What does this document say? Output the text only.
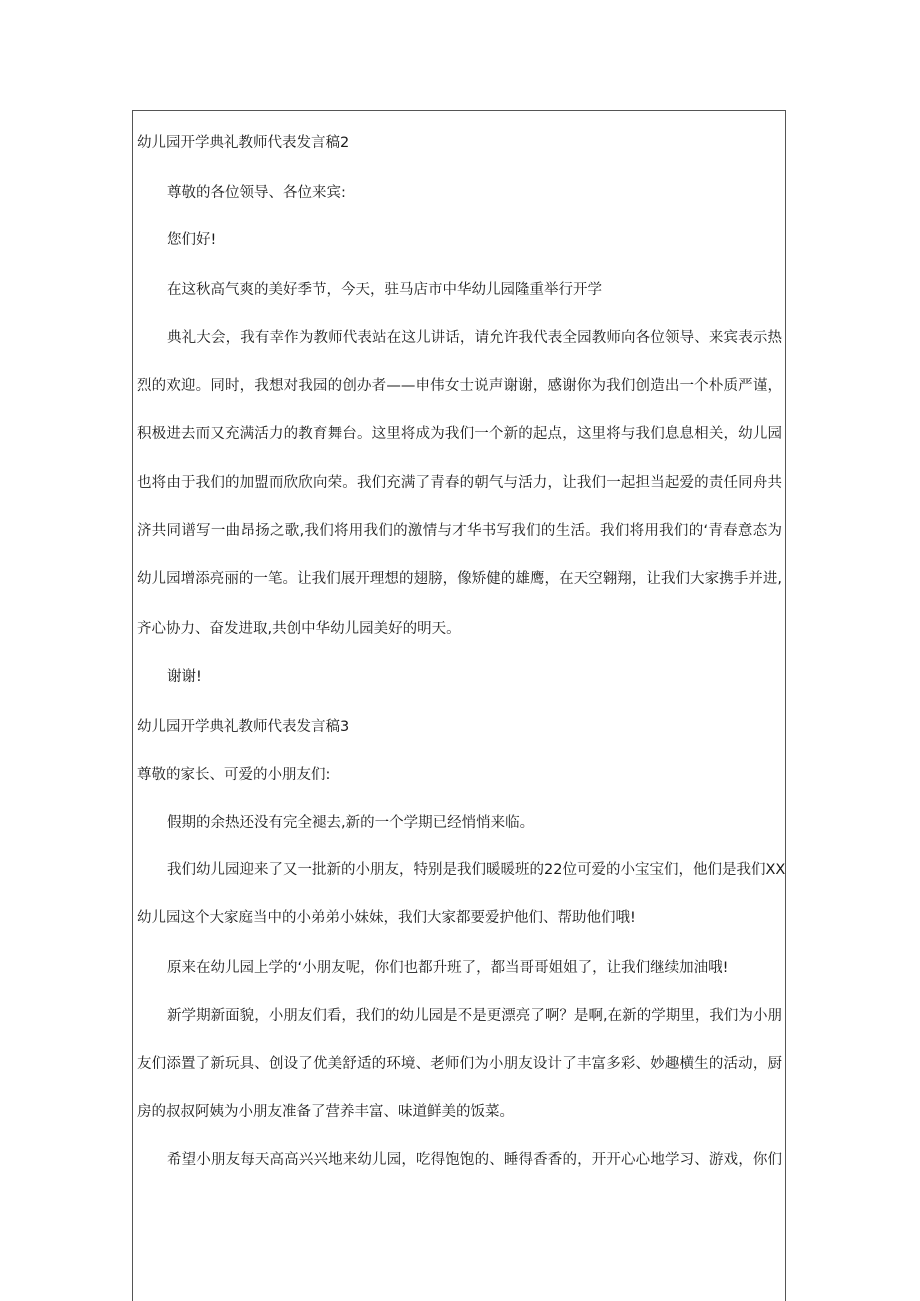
幼儿园开学典礼教师代表发言稿2
尊敬的各位领导、各位来宾:
您们好!
在这秋高气爽的美好季节，今天，驻马店市中华幼儿园隆重举行开学
典礼大会，我有幸作为教师代表站在这儿讲话，请允许我代表全园教师向各位领导、来宾表示热
烈的欢迎。同时，我想对我园的创办者——申伟女士说声谢谢，感谢你为我们创造出一个朴质严谨，
积极进去而又充满活力的教育舞台。这里将成为我们一个新的起点，这里将与我们息息相关，幼儿园
也将由于我们的加盟而欣欣向荣。我们充满了青春的朝气与活力，让我们一起担当起爱的责任同舟共
济共同谱写一曲昂扬之歌,我们将用我们的激情与才华书写我们的生活。我们将用我们的‘青春意态为
幼儿园增添亮丽的一笔。让我们展开理想的翅膀，像矫健的雄鹰，在天空翱翔，让我们大家携手并进,
齐心协力、奋发进取,共创中华幼儿园美好的明天。
谢谢!
幼儿园开学典礼教师代表发言稿3
尊敬的家长、可爱的小朋友们:
假期的余热还没有完全褪去,新的一个学期已经悄悄来临。
我们幼儿园迎来了又一批新的小朋友，特别是我们暖暖班的22位可爱的小宝宝们，他们是我们XX
幼儿园这个大家庭当中的小弟弟小妹妹，我们大家都要爱护他们、帮助他们哦!
原来在幼儿园上学的‘小朋友呢，你们也都升班了，都当哥哥姐姐了，让我们继续加油哦!
新学期新面貌，小朋友们看，我们的幼儿园是不是更漂亮了啊？是啊,在新的学期里，我们为小朋
友们添置了新玩具、创设了优美舒适的环境、老师们为小朋友设计了丰富多彩、妙趣横生的活动，厨
房的叔叔阿姨为小朋友准备了营养丰富、味道鲜美的饭菜。
希望小朋友每天高高兴兴地来幼儿园，吃得饱饱的、睡得香香的，开开心心地学习、游戏，你们
